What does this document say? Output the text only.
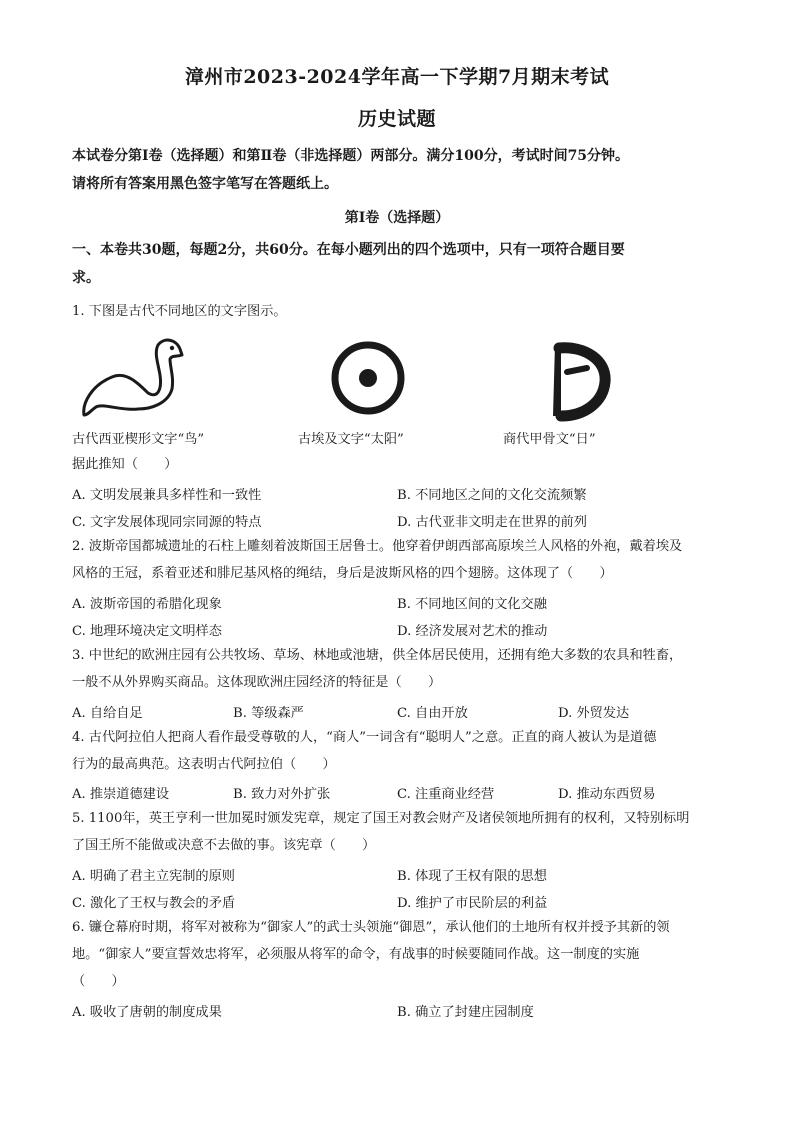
漳州市2023-2024学年高一下学期7月期末考试
历史试题
本试卷分第Ⅰ卷（选择题）和第Ⅱ卷（非选择题）两部分。满分100分，考试时间75分钟。
请将所有答案用黑色签字笔写在答题纸上。
第Ⅰ卷（选择题）
一、本卷共30题，每题2分，共60分。在每小题列出的四个选项中，只有一项符合题目要
求。
1. 下图是古代不同地区的文字图示。
古代西亚楔形文字“鸟”	古埃及文字“太阳”	商代甲骨文“日”
据此推知（　　）
A. 文明发展兼具多样性和一致性	B. 不同地区之间的文化交流频繁
C. 文字发展体现同宗同源的特点	D. 古代亚非文明走在世界的前列
2. 波斯帝国都城遗址的石柱上雕刻着波斯国王居鲁士。他穿着伊朗西部高原埃兰人风格的外袍，戴着埃及
风格的王冠，系着亚述和腓尼基风格的绳结，身后是波斯风格的四个翅膀。这体现了（　　）
A. 波斯帝国的希腊化现象	B. 不同地区间的文化交融
C. 地理环境决定文明样态	D. 经济发展对艺术的推动
3. 中世纪的欧洲庄园有公共牧场、草场、林地或池塘，供全体居民使用，还拥有绝大多数的农具和牲畜，
一般不从外界购买商品。这体现欧洲庄园经济的特征是（　　）
A. 自给自足	B. 等级森严	C. 自由开放	D. 外贸发达
4. 古代阿拉伯人把商人看作最受尊敬的人，“商人”一词含有“聪明人”之意。正直的商人被认为是道德
行为的最高典范。这表明古代阿拉伯（　　）
A. 推崇道德建设	B. 致力对外扩张	C. 注重商业经营	D. 推动东西贸易
5. 1100年，英王亨利一世加冕时颁发宪章，规定了国王对教会财产及诸侯领地所拥有的权利，又特别标明
了国王所不能做或决意不去做的事。该宪章（　　）
A. 明确了君主立宪制的原则	B. 体现了王权有限的思想
C. 激化了王权与教会的矛盾	D. 维护了市民阶层的利益
6. 镰仓幕府时期，将军对被称为“御家人”的武士头领施“御恩”，承认他们的土地所有权并授予其新的领
地。“御家人”要宣誓效忠将军，必须服从将军的命令，有战事的时候要随同作战。这一制度的实施
（　　）
A. 吸收了唐朝的制度成果	B. 确立了封建庄园制度
